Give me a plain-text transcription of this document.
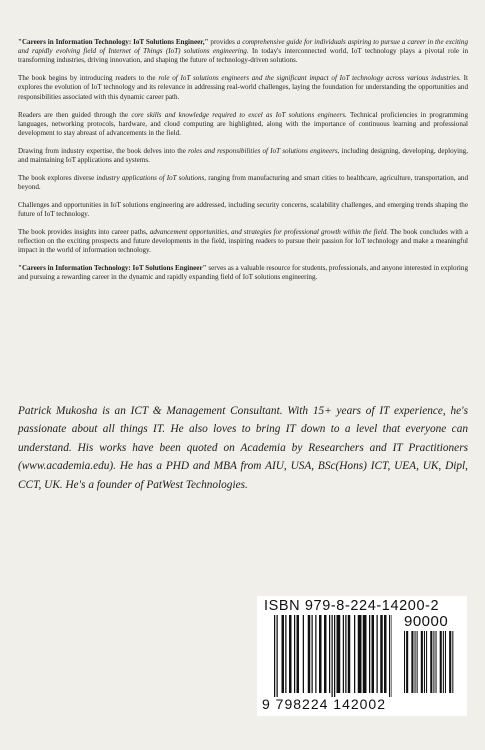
"Careers in Information Technology: IoT Solutions Engineer," provides a comprehensive guide for individuals aspiring to pursue a career in the exciting and rapidly evolving field of Internet of Things (IoT) solutions engineering. In today's interconnected world, IoT technology plays a pivotal role in transforming industries, driving innovation, and shaping the future of technology-driven solutions.

The book begins by introducing readers to the role of IoT solutions engineers and the significant impact of IoT technology across various industries. It explores the evolution of IoT technology and its relevance in addressing real-world challenges, laying the foundation for understanding the opportunities and responsibilities associated with this dynamic career path.

Readers are then guided through the core skills and knowledge required to excel as IoT solutions engineers. Technical proficiencies in programming languages, networking protocols, hardware, and cloud computing are highlighted, along with the importance of continuous learning and professional development to stay abreast of advancements in the field.

Drawing from industry expertise, the book delves into the roles and responsibilities of IoT solutions engineers, including designing, developing, deploying, and maintaining IoT applications and systems.

The book explores diverse industry applications of IoT solutions, ranging from manufacturing and smart cities to healthcare, agriculture, transportation, and beyond.

Challenges and opportunities in IoT solutions engineering are addressed, including security concerns, scalability challenges, and emerging trends shaping the future of IoT technology.

The book provides insights into career paths, advancement opportunities, and strategies for professional growth within the field. The book concludes with a reflection on the exciting prospects and future developments in the field, inspiring readers to pursue their passion for IoT technology and make a meaningful impact in the world of information technology.

"Careers in Information Technology: IoT Solutions Engineer" serves as a valuable resource for students, professionals, and anyone interested in exploring and pursuing a rewarding career in the dynamic and rapidly expanding field of IoT solutions engineering.

Patrick Mukosha is an ICT & Management Consultant. With 15+ years of IT experience, he's passionate about all things IT. He also loves to bring IT down to a level that everyone can understand. His works have been quoted on Academia by Researchers and IT Practitioners (www.academia.edu). He has a PHD and MBA from AIU, USA, BSc(Hons) ICT, UEA, UK, Dipl, CCT, UK. He's a founder of PatWest Technologies.
ISBN 979-8-224-14200-2
90000
9 798224 142002
